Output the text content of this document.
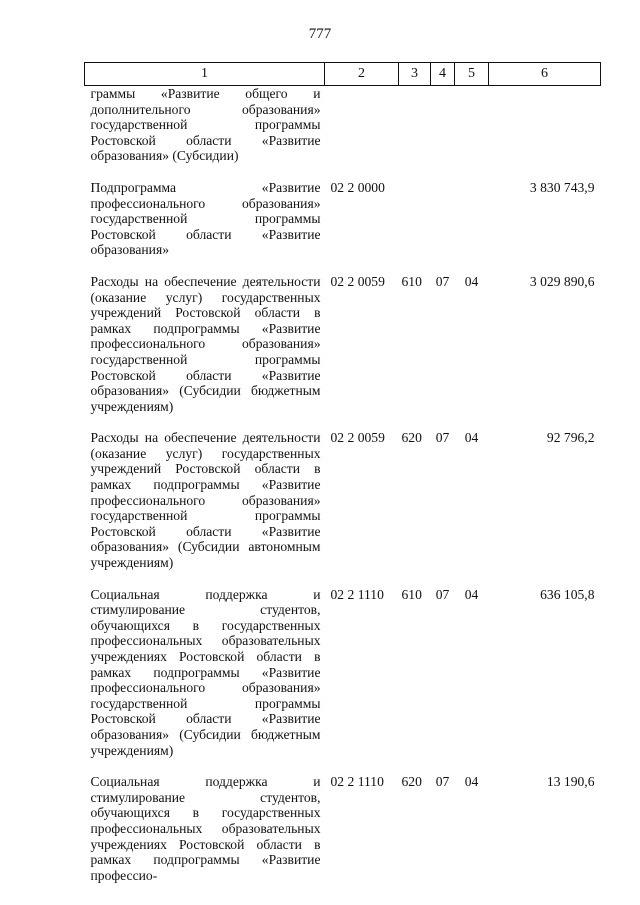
777
1	2	3	4	5	6
граммы «Развитие общего и дополнительного образования» государственной программы Ростовской области «Развитие образования» (Субсидии)					
Подпрограмма «Развитие профессионального образования» государственной программы Ростовской области «Развитие образования»	02 2 0000				3 830 743,9
Расходы на обеспечение деятельности (оказание услуг) государственных учреждений Ростовской области в рамках подпрограммы «Развитие профессионального образования» государственной программы Ростовской области «Развитие образования» (Субсидии бюджетным учреждениям)	02 2 0059	610	07	04	3 029 890,6
Расходы на обеспечение деятельности (оказание услуг) государственных учреждений Ростовской области в рамках подпрограммы «Развитие профессионального образования» государственной программы Ростовской области «Развитие образования» (Субсидии автономным учреждениям)	02 2 0059	620	07	04	92 796,2
Социальная поддержка и стимулирование студентов, обучающихся в государственных профессиональных образовательных учреждениях Ростовской области в рамках подпрограммы «Развитие профессионального образования» государственной программы Ростовской области «Развитие образования» (Субсидии бюджетным учреждениям)	02 2 1110	610	07	04	636 105,8
Социальная поддержка и стимулирование студентов, обучающихся в государственных профессиональных образовательных учреждениях Ростовской области в рамках подпрограммы «Развитие профессио-	02 2 1110	620	07	04	13 190,6
